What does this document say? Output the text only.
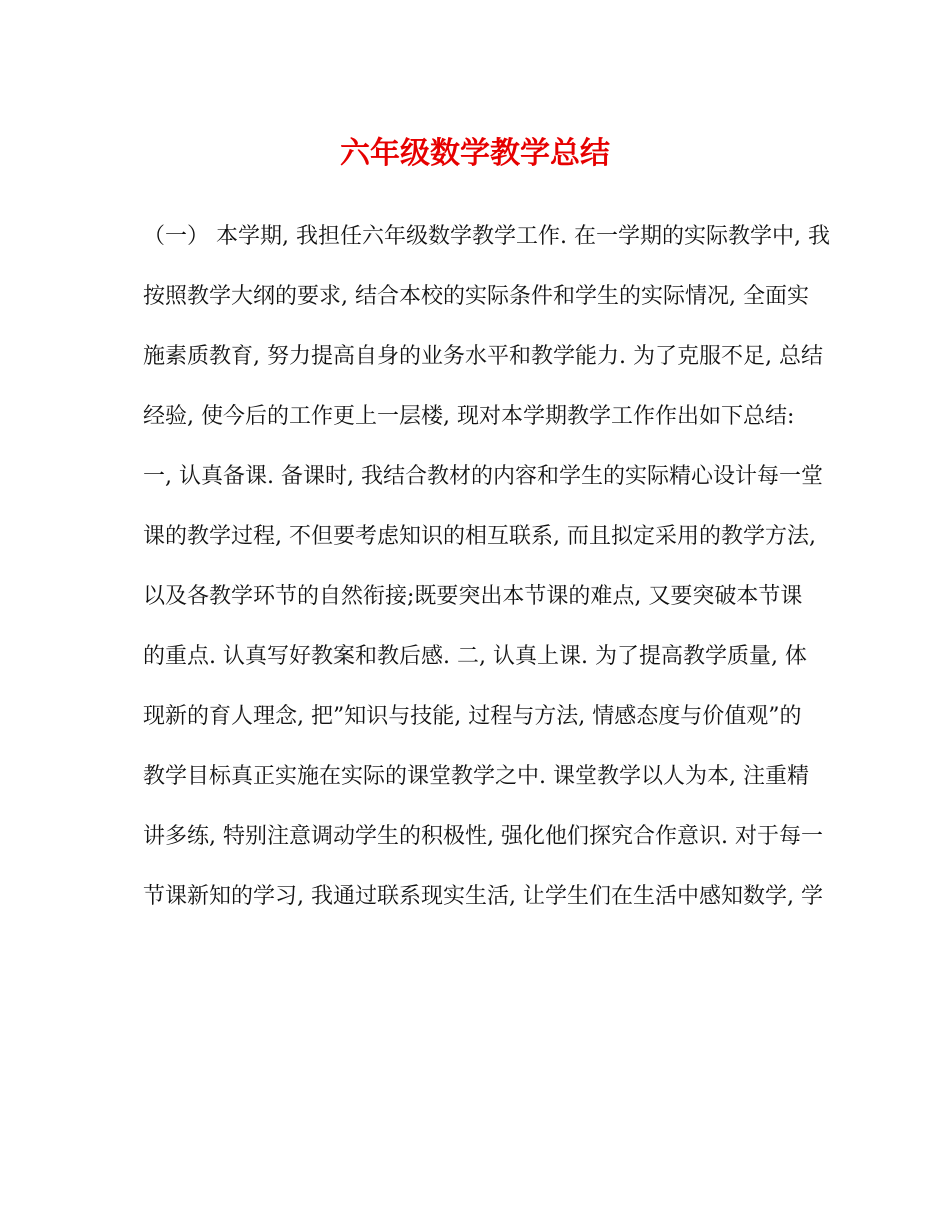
六年级数学教学总结
（一） 本学期, 我担任六年级数学教学工作. 在一学期的实际教学中, 我
按照教学大纲的要求, 结合本校的实际条件和学生的实际情况, 全面实
施素质教育, 努力提高自身的业务水平和教学能力. 为了克服不足, 总结
经验, 使今后的工作更上一层楼, 现对本学期教学工作作出如下总结:
一, 认真备课. 备课时, 我结合教材的内容和学生的实际精心设计每一堂
课的教学过程, 不但要考虑知识的相互联系, 而且拟定采用的教学方法,
以及各教学环节的自然衔接;既要突出本节课的难点, 又要突破本节课
的重点. 认真写好教案和教后感. 二, 认真上课. 为了提高教学质量, 体
现新的育人理念, 把”知识与技能, 过程与方法, 情感态度与价值观”的
教学目标真正实施在实际的课堂教学之中. 课堂教学以人为本, 注重精
讲多练, 特别注意调动学生的积极性, 强化他们探究合作意识. 对于每一
节课新知的学习, 我通过联系现实生活, 让学生们在生活中感知数学, 学
